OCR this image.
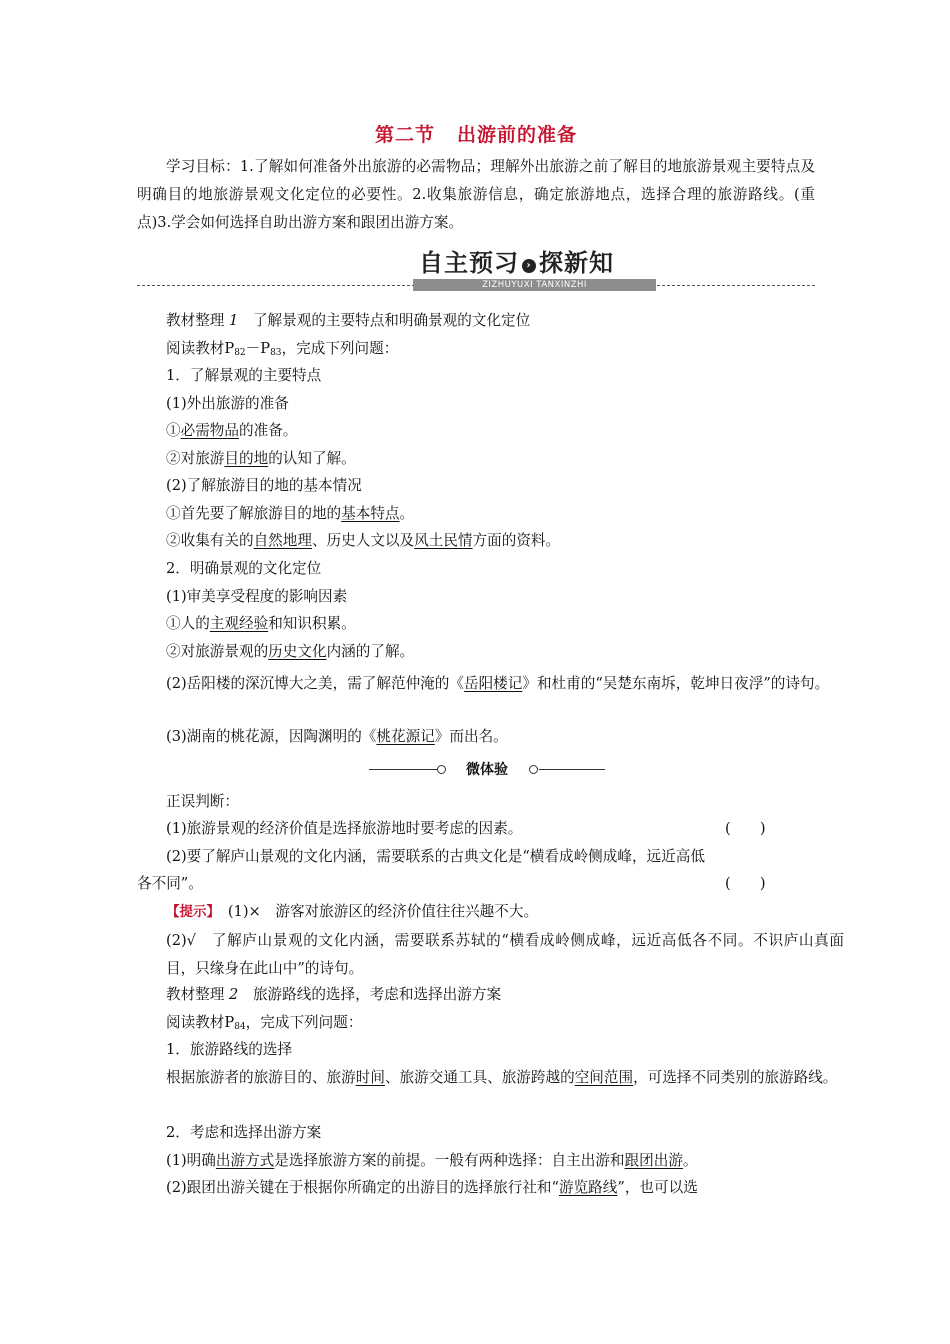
第二节 出游前的准备
学习目标：1.了解如何准备外出旅游的必需物品；理解外出旅游之前了解目的地旅游景观主要特点及明确目的地旅游景观文化定位的必要性。2.收集旅游信息，确定旅游地点，选择合理的旅游路线。(重点)3.学会如何选择自助出游方案和跟团出游方案。
自主预习 › 探新知
ZIZHUYUXI TANXINZHI
教材整理 1　 了解景观的主要特点和明确景观的文化定位
阅读教材$P_{82}-P_{83}$，完成下列问题：
1．了解景观的主要特点
(1)外出旅游的准备
①必需物品的准备。
②对旅游目的地的认知了解。
(2)了解旅游目的地的基本情况
①首先要了解旅游目的地的基本特点。
②收集有关的自然地理、历史人文以及风土民情方面的资料。
2．明确景观的文化定位
(1)审美享受程度的影响因素
①人的主观经验和知识积累。
②对旅游景观的历史文化内涵的了解。
(2)岳阳楼的深沉博大之美，需了解范仲淹的《岳阳楼记》和杜甫的“吴楚东南坼，乾坤日夜浮”的诗句。
(3)湖南的桃花源，因陶渊明的《桃花源记》而出名。
微体验
正误判断：
(1)旅游景观的经济价值是选择旅游地时要考虑的因素。	(　　)
(2)要了解庐山景观的文化内涵，需要联系的古典文化是“横看成岭侧成峰，远近高低
各不同”。	(　　)
【提示】　 (1)×　游客对旅游区的经济价值往往兴趣不大。
(2)√　了解庐山景观的文化内涵，需要联系苏轼的“横看成岭侧成峰，远近高低各不同。不识庐山真面目，只缘身在此山中”的诗句。
教材整理 2　 旅游路线的选择，考虑和选择出游方案
阅读教材$P_{84}$，完成下列问题：
1．旅游路线的选择
根据旅游者的旅游目的、旅游时间、旅游交通工具、旅游跨越的空间范围，可选择不同类别的旅游路线。
2．考虑和选择出游方案
(1)明确出游方式是选择旅游方案的前提。一般有两种选择：自主出游和跟团出游。
(2)跟团出游关键在于根据你所确定的出游目的选择旅行社和“游览路线”，也可以选
